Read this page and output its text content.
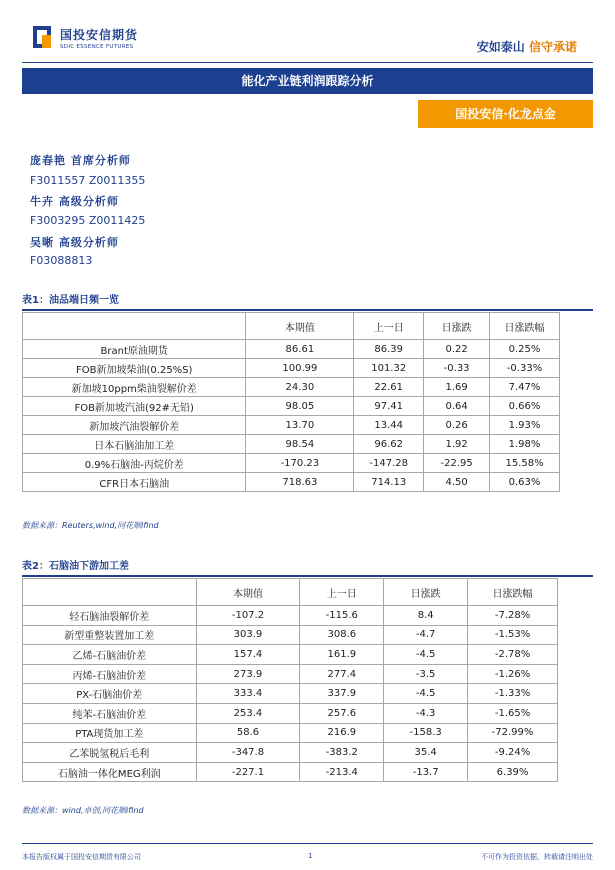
国投安信期货
SDIC ESSENCE FUTURES	安如泰山 信守承诺
能化产业链利润跟踪分析
国投安信·化龙点金
庞春艳 首席分析师
F3011557 Z0011355
牛卉 高级分析师
F3003295 Z0011425
吴晰 高级分析师
F03088813
表1：油品端日频一览
	本期值	上一日	日涨跌	日涨跌幅
Brant原油期货	86.61	86.39	0.22	0.25%
FOB新加坡柴油(0.25%S)	100.99	101.32	-0.33	-0.33%
新加坡10ppm柴油裂解价差	24.30	22.61	1.69	7.47%
FOB新加坡汽油(92#无铅)	98.05	97.41	0.64	0.66%
新加坡汽油裂解价差	13.70	13.44	0.26	1.93%
日本石脑油加工差	98.54	96.62	1.92	1.98%
0.9%石脑油-丙烷价差	-170.23	-147.28	-22.95	15.58%
CFR日本石脑油	718.63	714.13	4.50	0.63%
数据来源：Reuters,wind,同花顺ifind
表2：石脑油下游加工差
	本期值	上一日	日涨跌	日涨跌幅
轻石脑油裂解价差	-107.2	-115.6	8.4	-7.28%
新型重整装置加工差	303.9	308.6	-4.7	-1.53%
乙烯-石脑油价差	157.4	161.9	-4.5	-2.78%
丙烯-石脑油价差	273.9	277.4	-3.5	-1.26%
PX-石脑油价差	333.4	337.9	-4.5	-1.33%
纯苯-石脑油价差	253.4	257.6	-4.3	-1.65%
PTA现货加工差	58.6	216.9	-158.3	-72.99%
乙苯脱氢税后毛利	-347.8	-383.2	35.4	-9.24%
石脑油一体化MEG利润	-227.1	-213.4	-13.7	6.39%
数据来源：wind,卓创,同花顺ifind
本报告版权属于国投安信期货有限公司	1	不可作为投资依据，转载请注明出处
